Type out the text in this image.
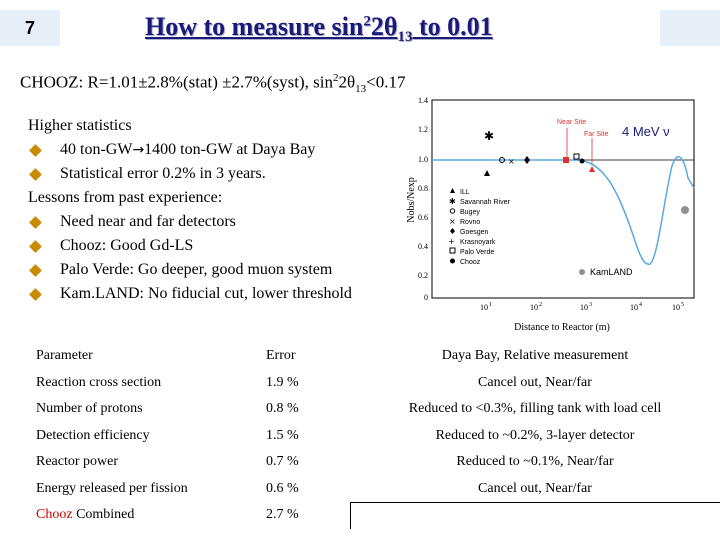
7	How to measure $\sin^22\theta_{13}$ to 0.01
CHOOZ: R=1.01±2.8%(stat) ±2.7%(syst), $\sin^22\theta_{13}<0.17$
Higher statistics
40 ton-GW → 1400 ton-GW at Daya Bay
Statistical error 0.2% in 3 years.
Lessons from past experience:
Need near and far detectors
Chooz: Good Gd-LS
Palo Verde: Go deeper, good muon system
Kam.LAND: No fiducial cut, lower threshold
1.4
1.2
1.0
0.8
0.6
0.4
0.2
0
10 1	10 2	10 3	10 4	10 5
Distance to Reactor (m)
Nobs/Nexp
Near Site
Far Site 4 MeV ν
✱
×
ILL
✱ Savannah River
Bugey
× Rovno
Goesgen
+ Krasnoyark
Palo Verde
Chooz
KamLAND
Parameter	Error	Daya Bay, Relative measurement
Reaction cross section	1.9 %	Cancel out, Near/far
Number of protons	0.8 %	Reduced to <0.3%, filling tank with load cell
Detection efficiency	1.5 %	Reduced to ~0.2%, 3-layer detector
Reactor power	0.7 %	Reduced to ~0.1%, Near/far
Energy released per fission	0.6 %	Cancel out, Near/far
Chooz Combined	2.7 %	
